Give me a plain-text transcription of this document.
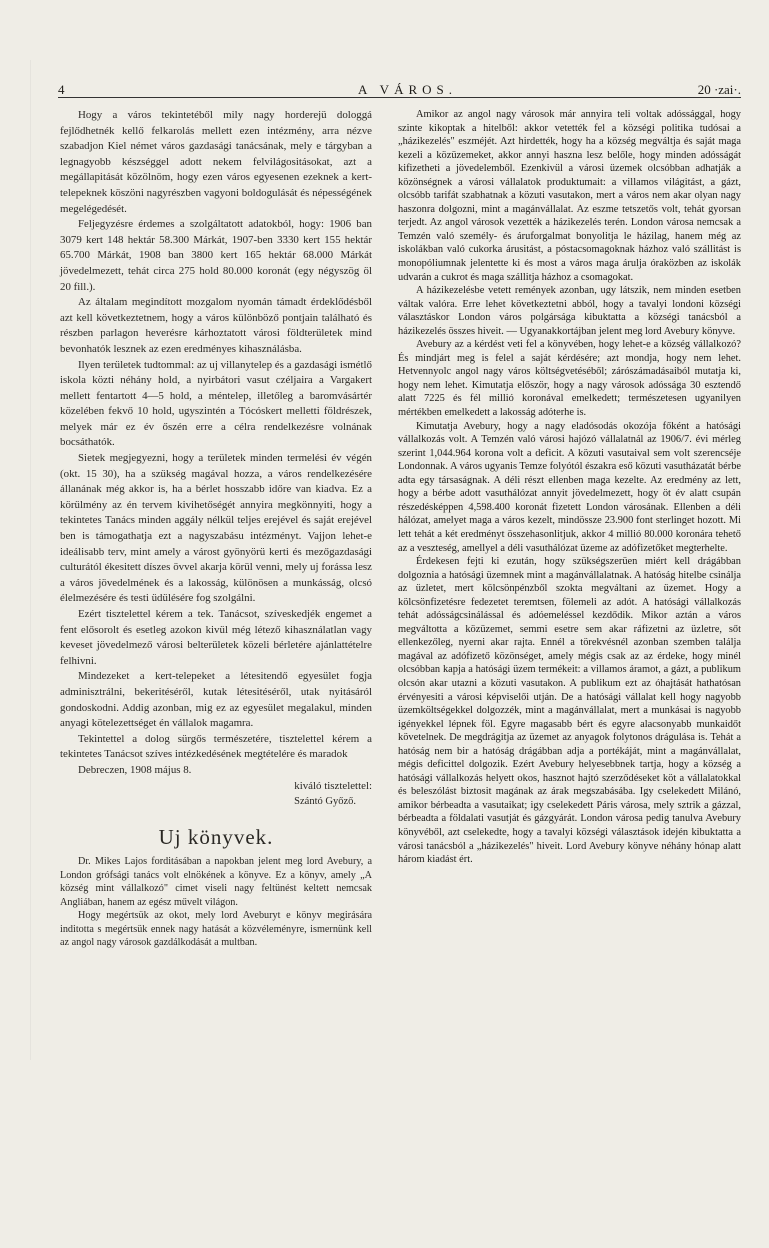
4	A VÁROS.	20 ·zai·.

Hogy a város tekintetéből mily nagy horderejü dologgá fejlődhetnék kellő felkarolás mellett ezen intézmény, arra nézve szabadjon Kiel német város gazdasági tanácsának, mely e tárgyban a legnagyobb készséggel adott nekem felvilágositásokat, azt a megállapitását közölnöm, hogy ezen város egyesenen ezeknek a kert-telepeknek köszöni nagyrészben vagyoni boldogulását és népességének megelégedését.

Feljegyzésre érdemes a szolgáltatott adatokból, hogy: 1906 ban 3079 kert 148 hektár 58.300 Márkát, 1907-ben 3330 kert 155 hektár 65.700 Márkát, 1908 ban 3800 kert 165 hektár 68.000 Márkát jövedelmezett, tehát circa 275 hold 80.000 koronát (egy négyszög öl 20 fill.).

Az általam megindított mozgalom nyomán támadt érdeklődésből azt kell következtetnem, hogy a város különböző pontjain található és részben parlagon heverésre kárhoztatott városi földterületek mind bevonhatók lesznek az ezen eredményes kihasználásba.

Ilyen területek tudtommal: az uj villanytelep és a gazdasági ismétlő iskola közti néhány hold, a nyirbátori vasut czéljaira a Vargakert mellett fentartott 4—5 hold, a méntelep, illetőleg a baromvásártér közelében fekvő 10 hold, ugyszintén a Tócóskert melletti földrészek, melyek már ez év őszén erre a célra rendelkezésre volnának bocsáthatók.

Sietek megjegyezni, hogy a területek minden termelési év végén (okt. 15 30), ha a szükség magával hozza, a város rendelkezésére állanának még akkor is, ha a bérlet hosszabb időre van kiadva. Ez a körülmény az én tervem kivihetőségét annyira megkönnyiti, hogy a tekintetes Tanács minden aggály nélkül teljes erejével és saját erejével ben is támogathatja ezt a nagyszabásu intézményt. Vajjon lehet-e ideálisabb terv, mint amely a várost gyönyörü kerti és mezőgazdasági culturától ékesitett díszes övvel akarja körül venni, mely uj forássa lesz a város jövedelmének és a lakosság, különösen a munkásság, olcsó élelmezésére és testi üdülésére fog szolgálni.

Ezért tisztelettel kérem a tek. Tanácsot, szíveskedjék engemet a fent elősorolt és esetleg azokon kivül még létező kihasználatlan vagy keveset jövedelmező városi belterületek közeli bérletére ajánlattételre felhivni.

Mindezeket a kert-telepeket a létesitendő egyesület fogja adminisztrálni, bekeritéséről, kutak létesitéséről, utak nyitásáról gondoskodni. Addig azonban, mig ez az egyesület megalakul, minden anyagi kötelezettséget én vállalok magamra.

Tekintettel a dolog sürgős természetére, tisztelettel kérem a tekintetes Tanácsot szíves intézkedésének megtételére és maradok

Debreczen, 1908 május 8.

kiváló tisztelettel:

Szántó Győző.

Uj könyvek.

Dr. Mikes Lajos forditásában a napokban jelent meg lord Avebury, a London grófsági tanács volt elnökének a könyve. Ez a könyv, amely „A község mint vállalkozó" cimet viseli nagy feltünést keltett nemcsak Angliában, hanem az egész művelt világon.

Hogy megértsük az okot, mely lord Aveburyt e könyv megirására inditotta s megértsük ennek nagy hatását a közvéleményre, ismernünk kell az angol nagy városok gazdálkodását a multban.

Amikor az angol nagy városok már annyira teli voltak adóssággal, hogy szinte kikoptak a hitelből: akkor vetették fel a községi politika tudósai a „házikezelés" eszméjét. Azt hirdették, hogy ha a község megváltja és saját maga kezeli a közüzemeket, akkor annyi haszna lesz belőle, hogy minden adósságát kifizetheti a jövedelemből. Ezenkivül a városi üzemek olcsóbban adhatják a közönségnek a városi vállalatok produktumait: a villamos világitást, a gázt, olcsóbb tarifát szabhatnak a közuti vasutakon, mert a város nem akar olyan nagy haszonra dolgozni, mint a magánvállalat. Az eszme tetszetős volt, tehát gyorsan terjedt. Az angol városok vezették a házikezelés terén. London városa nemcsak a Temzén való személy- és áruforgalmat bonyolitja le házilag, hanem még az iskolákban való cukorka árusitást, a póstacsomagoknak házhoz való szállitást is monopóliumnak jelentette ki és most a város maga árulja óraközben az iskolák udvarán a cukrot és maga szállitja házhoz a csomagokat.

A házikezelésbe vetett remények azonban, ugy látszik, nem minden esetben váltak valóra. Erre lehet következtetni abból, hogy a tavalyi londoni községi választáskor London város polgársága kibuktatta a községi tanácsból a házikezelés összes hiveit. — Ugyanakkortájban jelent meg lord Avebury könyve.

Avebury az a kérdést veti fel a könyvében, hogy lehet-e a község vállalkozó? És mindjárt meg is felel a saját kérdésére; azt mondja, hogy nem lehet. Hetvennyolc angol nagy város költségvetéséből; zárószámadásaiból mutatja ki, hogy nem lehet. Kimutatja először, hogy a nagy városok adóssága 30 esztendő alatt 7225 és fél millió koronával emelkedett; természetesen ugyanilyen mértékben emelkedett a lakosság adóterhe is.

Kimutatja Avebury, hogy a nagy eladósodás okozója főként a hatósági vállalkozás volt. A Temzén való városi hajózó vállalatnál az 1906/7. évi mérleg szerint 1,044.964 korona volt a deficit. A közuti vasutaival sem volt szerencséje Londonnak. A város ugyanis Temze folyótól északra eső közuti vasutházatát bérbe adta egy társaságnak. A déli részt ellenben maga kezelte. Az eredmény az lett, hogy a bérbe adott vasuthálózat annyit jövedelmezett, hogy öt év alatt csupán részedésképpen 4,598.400 koronát fizetett London városának. Ellenben a déli hálózat, amelyet maga a város kezelt, mindössze 23.900 font sterlinget hozott. Mi lett tehát a két eredményt összehasonlitjuk, akkor 4 millió 80.000 koronára tehető az a veszteség, amellyel a déli vasuthálózat üzeme az adófizetőket megterhelte.

Érdekesen fejti ki ezután, hogy szükségszerüen miért kell drágábban dolgoznia a hatósági üzemnek mint a magánvállalatnak. A hatóság hitelbe csinálja az üzletet, mert kölcsönpénzből szokta megváltani az üzemet. Hogy a kölcsönfizetésre fedezetet teremtsen, fölemeli az adót. A hatósági vállalkozás tehát adósságcsinálással és adóemeléssel kezdődik. Mikor aztán a város megváltotta a közüzemet, semmi esetre sem akar ráfizetni az üzletre, sőt ellenkezőleg, nyerni akar rajta. Ennél a törekvésnél azonban szemben találja magával az adófizető közönséget, amely mégis csak az az érdeke, hogy minél olcsóbban kapja a hatósági üzem termékeit: a villamos áramot, a gázt, a publikum olcsón akar utazni a közuti vasutakon. A publikum ezt az óhajtását hathatósan érvényesiti a városi képviselői utján. De a hatósági vállalat kell hogy nagyobb üzemköltségekkel dolgozzék, mint a magánvállalat, mert a munkásai is nagyobb igényekkel lépnek föl. Egyre magasabb bért és egyre alacsonyabb munkaidőt követelnek. De megdrágitja az üzemet az anyagok folytonos drágulása is. Tehát a hatóság nem bir a hatóság drágábban adja a portékáját, mint a magánvállalat, mégis deficittel dolgozik. Ezért Avebury helyesebbnek tartja, hogy a község a hatósági vállalkozás helyett okos, hasznot hajtó szerződéseket köt a vállalatokkal és beleszólást biztosit magának az árak megszabásába. Igy cselekedett Milánó, amikor bérbeadta a vasutaikat; igy cselekedett Páris városa, mely sztrik a gázzal, bérbeadta a földalati vasutját és gázgyárát. London városa pedig tanulva Avebury könyvéből, azt cselekedte, hogy a tavalyi községi választások idején kibuktatta a városi tanácsból a „házikezelés" hiveit. Lord Avebury könyve néhány hónap alatt három kiadást ért.
